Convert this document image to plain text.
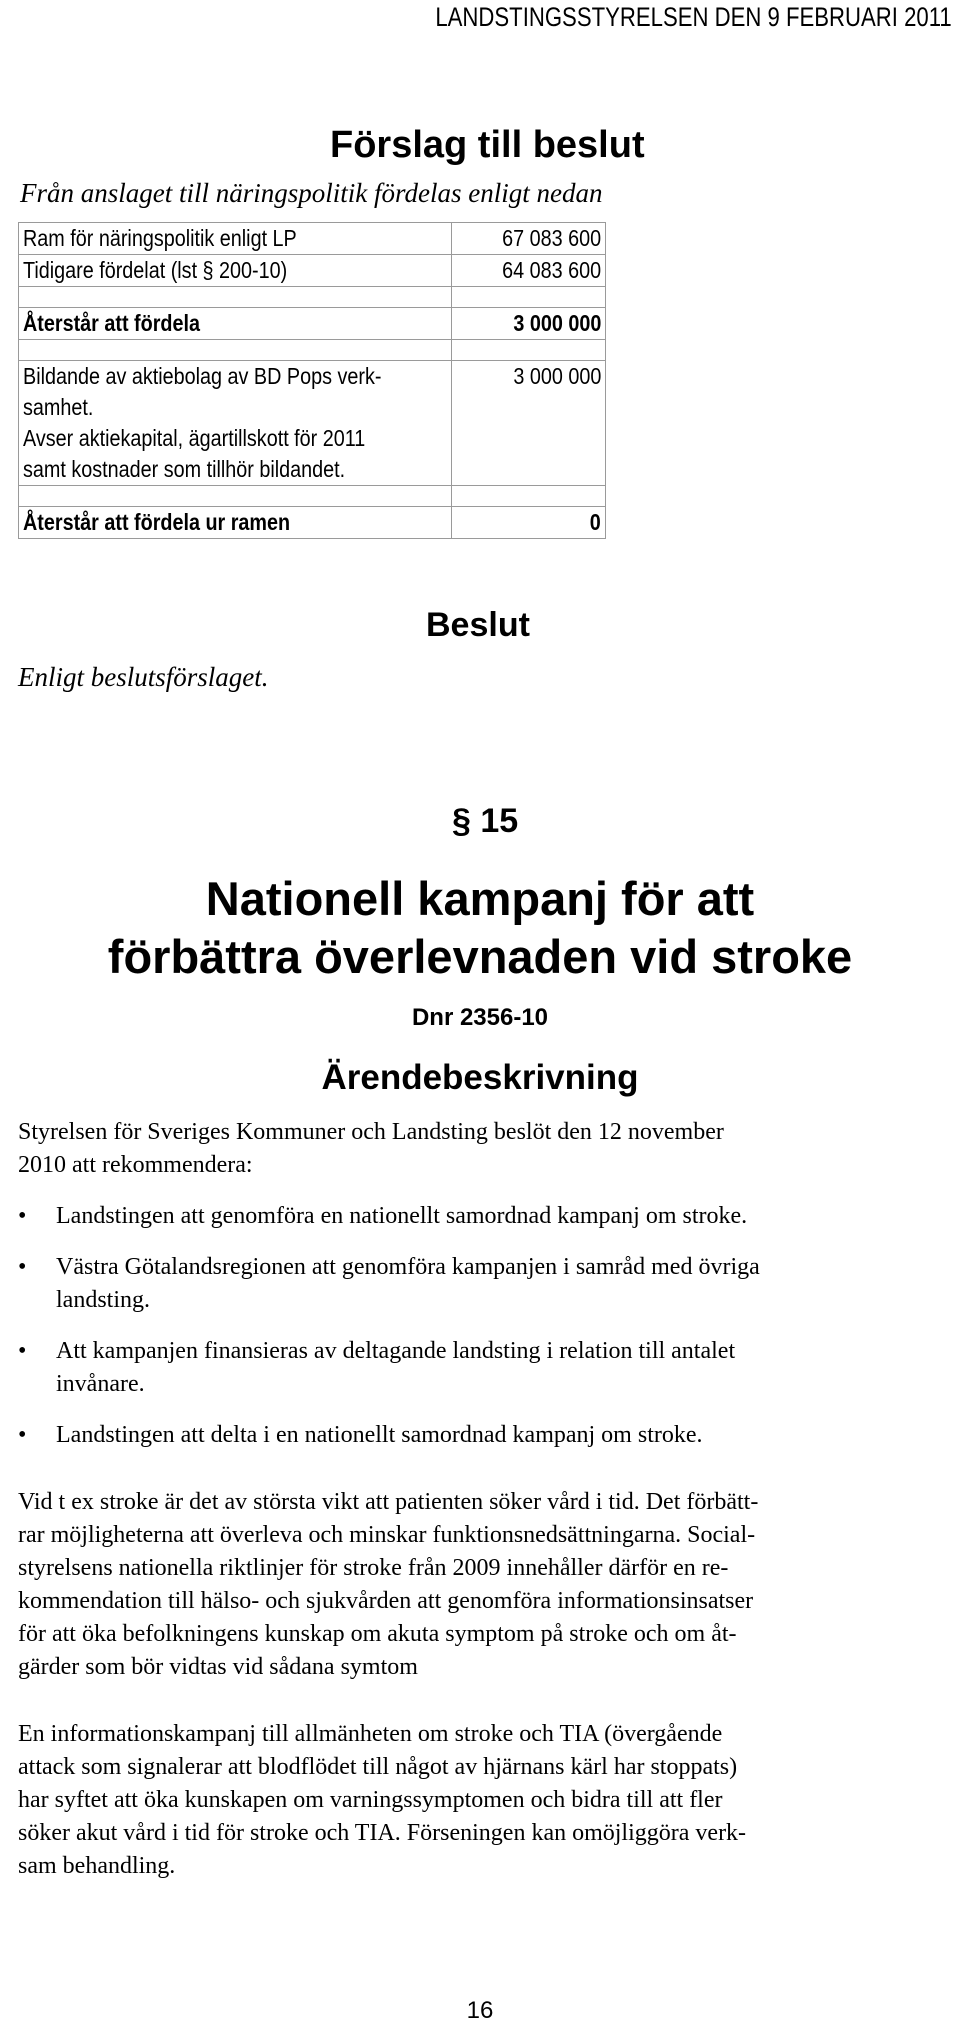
LANDSTINGSSTYRELSEN DEN 9 FEBRUARI 2011
Förslag till beslut
Från anslaget till näringspolitik fördelas enligt nedan
Ram för näringspolitik enligt LP	67 083 600
Tidigare fördelat (lst § 200-10)	64 083 600

Återstår att fördela	3 000 000

Bildande av aktiebolag av BD Pops verk-
samhet.
Avser aktiekapital, ägartillskott för 2011
samt kostnader som tillhör bildandet.	3 000 000

Återstår att fördela ur ramen	0
Beslut
Enligt beslutsförslaget.
§ 15
Nationell kampanj för att
förbättra överlevnaden vid stroke
Dnr 2356-10
Ärendebeskrivning

Styrelsen för Sveriges Kommuner och Landsting beslöt den 12 november
2010 att rekommendera:

• Landstingen att genomföra en nationellt samordnad kampanj om stroke.
• Västra Götalandsregionen att genomföra kampanjen i samråd med övriga
landsting.
• Att kampanjen finansieras av deltagande landsting i relation till antalet
invånare.
• Landstingen att delta i en nationellt samordnad kampanj om stroke.

Vid t ex stroke är det av största vikt att patienten söker vård i tid. Det förbätt-
rar möjligheterna att överleva och minskar funktionsnedsättningarna. Social-
styrelsens nationella riktlinjer för stroke från 2009 innehåller därför en re-
kommendation till hälso- och sjukvården att genomföra informationsinsatser
för att öka befolkningens kunskap om akuta symptom på stroke och om åt-
gärder som bör vidtas vid sådana symtom

En informationskampanj till allmänheten om stroke och TIA (övergående
attack som signalerar att blodflödet till något av hjärnans kärl har stoppats)
har syftet att öka kunskapen om varningssymptomen och bidra till att fler
söker akut vård i tid för stroke och TIA. Förseningen kan omöjliggöra verk-
sam behandling.

16
